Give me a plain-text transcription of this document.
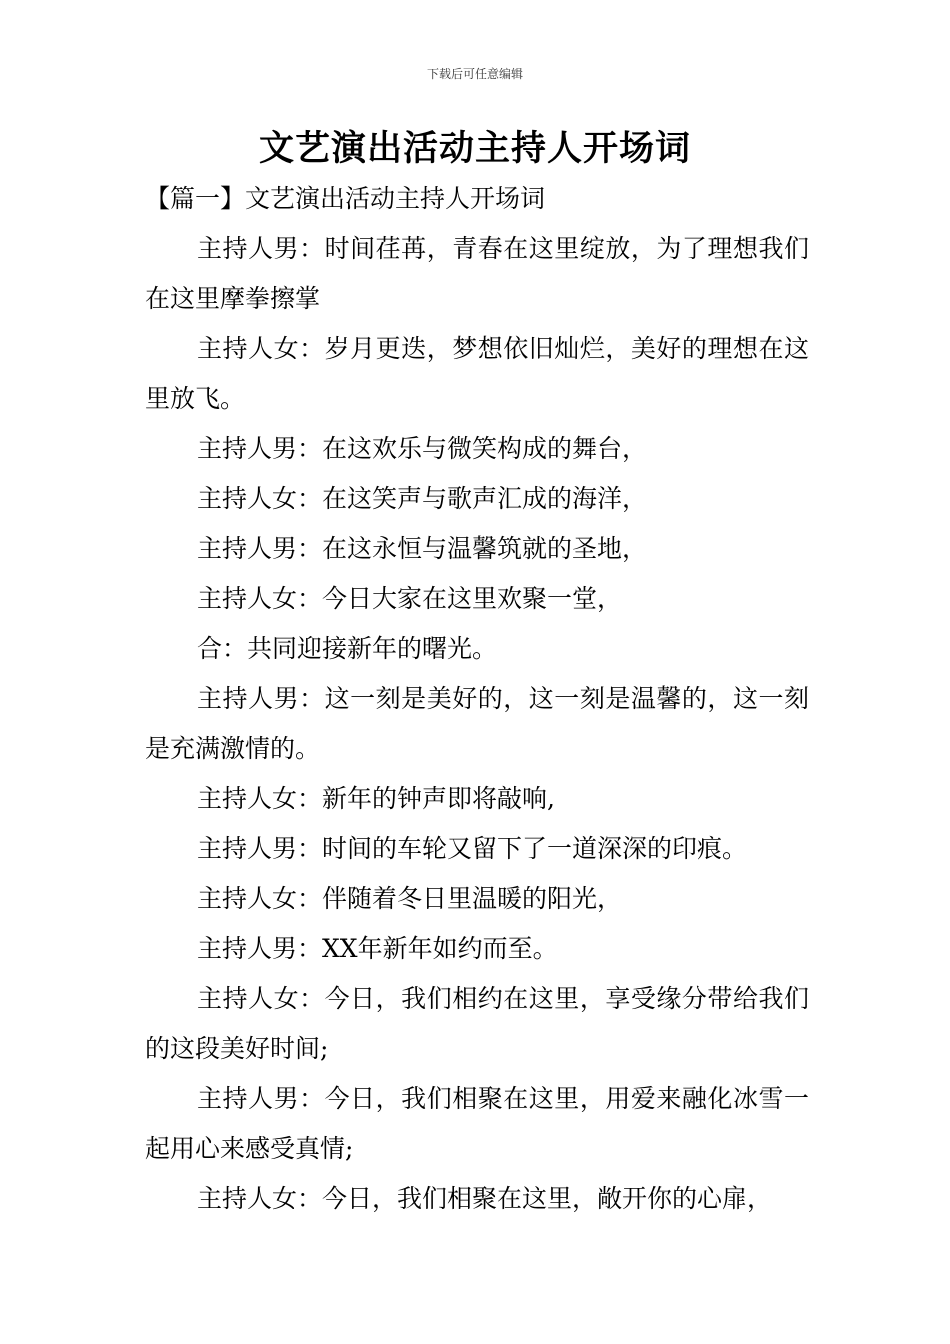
下载后可任意编辑
文艺演出活动主持人开场词

【篇一】文艺演出活动主持人开场词

主持人男：时间荏苒，青春在这里绽放，为了理想我们在这里摩拳擦掌

主持人女：岁月更迭，梦想依旧灿烂，美好的理想在这里放飞。

主持人男：在这欢乐与微笑构成的舞台，

主持人女：在这笑声与歌声汇成的海洋，

主持人男：在这永恒与温馨筑就的圣地，

主持人女：今日大家在这里欢聚一堂，

合：共同迎接新年的曙光。

主持人男：这一刻是美好的，这一刻是温馨的，这一刻是充满激情的。

主持人女：新年的钟声即将敲响,

主持人男：时间的车轮又留下了一道深深的印痕。

主持人女：伴随着冬日里温暖的阳光，

主持人男：XX年新年如约而至。

主持人女：今日，我们相约在这里，享受缘分带给我们的这段美好时间;

主持人男：今日，我们相聚在这里，用爱来融化冰雪一起用心来感受真情;

主持人女：今日，我们相聚在这里，敞开你的心扉，
